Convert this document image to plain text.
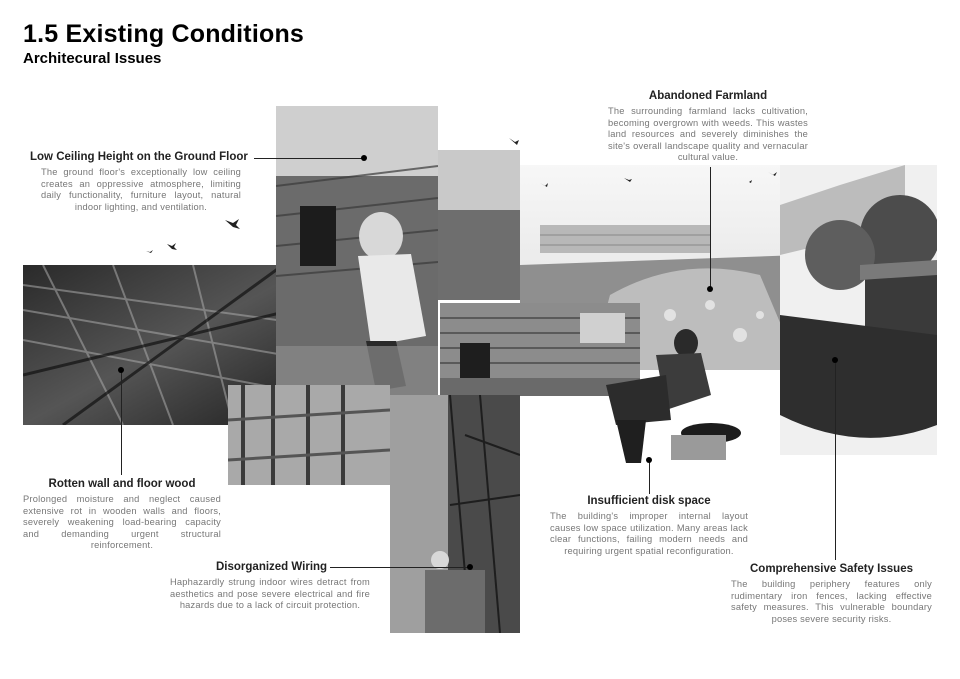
1.5 Existing Conditions
Architecural Issues
Low Ceiling Height on the Ground Floor

The ground floor's exceptionally low ceiling creates an oppressive atmosphere, limiting daily functionality, furniture layout, natural indoor lighting, and ventilation.

Abandoned Farmland

The surrounding farmland lacks cultivation, becoming overgrown with weeds. This wastes land resources and severely diminishes the site's overall landscape quality and vernacular cultural value.

Rotten wall and floor wood

Prolonged moisture and neglect caused extensive rot in wooden walls and floors, severely weakening load-bearing capacity and demanding urgent structural reinforcement.

Insufficient disk space

The building's improper internal layout causes low space utilization. Many areas lack clear functions, failing modern needs and requiring urgent spatial reconfiguration.

Disorganized Wiring

Haphazardly strung indoor wires detract from aesthetics and pose severe electrical and fire hazards due to a lack of circuit protection.

Comprehensive Safety Issues

The building periphery features only rudimentary iron fences, lacking effective safety measures. This vulnerable boundary poses severe security risks.
